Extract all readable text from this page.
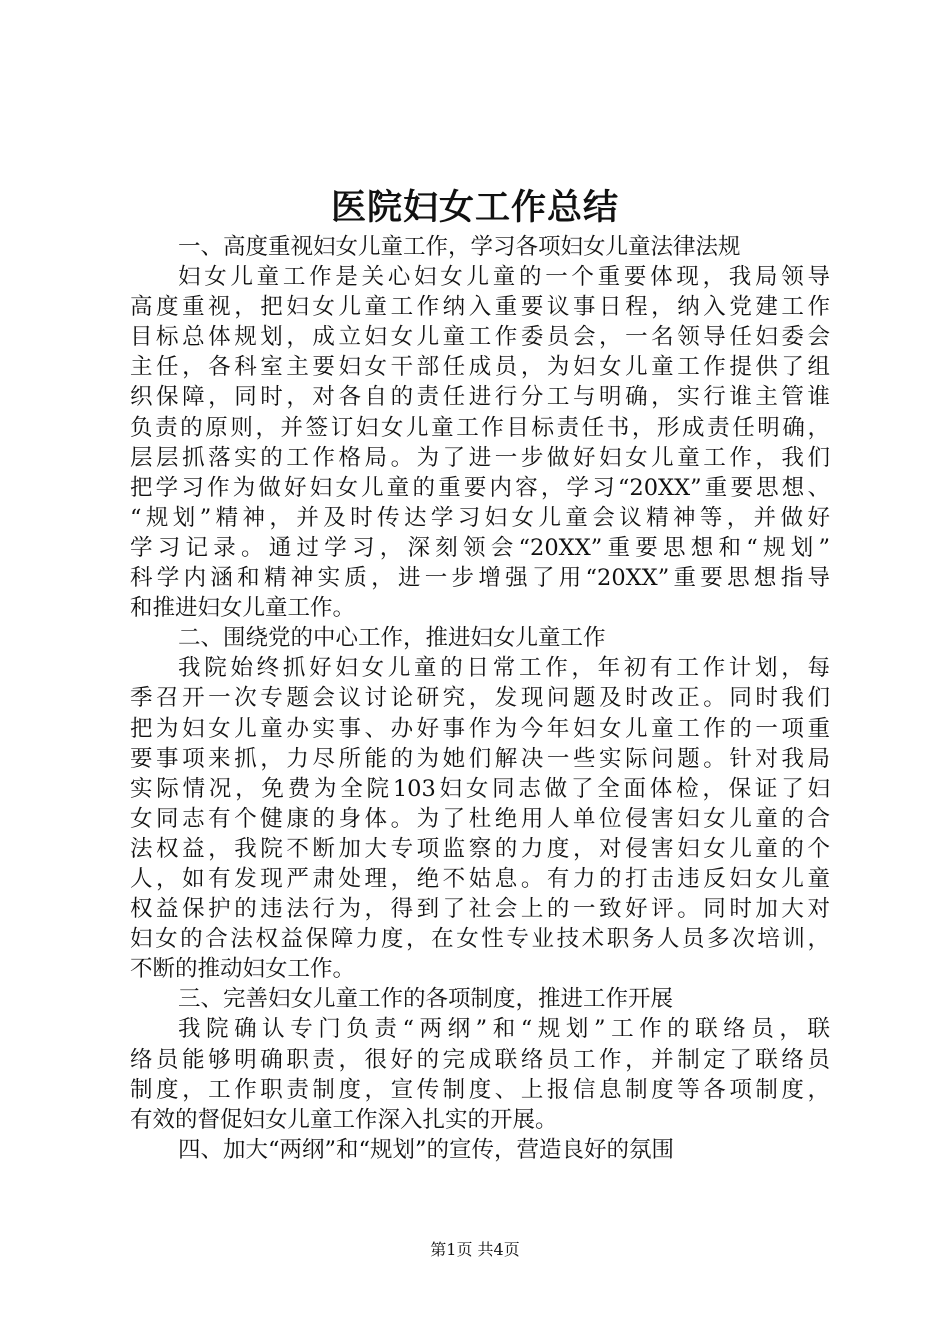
医院妇女工作总结
一、高度重视妇女儿童工作，学习各项妇女儿童法律法规
妇女儿童工作是关心妇女儿童的一个重要体现，我局领导
高度重视，把妇女儿童工作纳入重要议事日程，纳入党建工作
目标总体规划，成立妇女儿童工作委员会，一名领导任妇委会
主任，各科室主要妇女干部任成员，为妇女儿童工作提供了组
织保障，同时，对各自的责任进行分工与明确，实行谁主管谁
负责的原则，并签订妇女儿童工作目标责任书，形成责任明确，
层层抓落实的工作格局。为了进一步做好妇女儿童工作，我们
把学习作为做好妇女儿童的重要内容，学习“20XX”重要思想、
“规划”精神，并及时传达学习妇女儿童会议精神等，并做好
学习记录。通过学习，深刻领会“20XX”重要思想和“规划”
科学内涵和精神实质，进一步增强了用“20XX”重要思想指导
和推进妇女儿童工作。
二、围绕党的中心工作，推进妇女儿童工作
我院始终抓好妇女儿童的日常工作，年初有工作计划，每
季召开一次专题会议讨论研究，发现问题及时改正。同时我们
把为妇女儿童办实事、办好事作为今年妇女儿童工作的一项重
要事项来抓，力尽所能的为她们解决一些实际问题。针对我局
实际情况，免费为全院103妇女同志做了全面体检，保证了妇
女同志有个健康的身体。为了杜绝用人单位侵害妇女儿童的合
法权益，我院不断加大专项监察的力度，对侵害妇女儿童的个
人，如有发现严肃处理，绝不姑息。有力的打击违反妇女儿童
权益保护的违法行为，得到了社会上的一致好评。同时加大对
妇女的合法权益保障力度，在女性专业技术职务人员多次培训，
不断的推动妇女工作。
三、完善妇女儿童工作的各项制度，推进工作开展
我院确认专门负责“两纲”和“规划”工作的联络员，联
络员能够明确职责，很好的完成联络员工作，并制定了联络员
制度，工作职责制度，宣传制度、上报信息制度等各项制度，
有效的督促妇女儿童工作深入扎实的开展。
四、加大“两纲”和“规划”的宣传，营造良好的氛围
第1页 共4页
